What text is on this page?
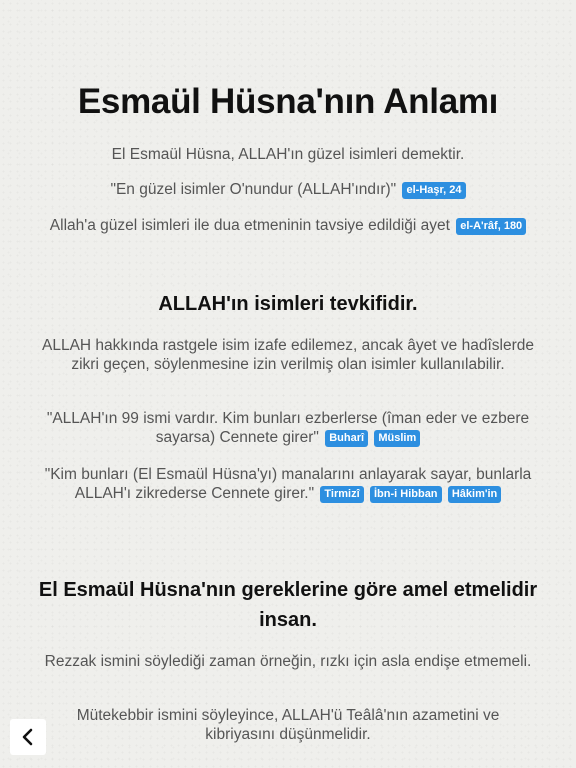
Esmaül Hüsna'nın Anlamı
El Esmaül Hüsna, ALLAH'ın güzel isimleri demektir.
"En güzel isimler O'nundur (ALLAH'ındır)" el-Haşr, 24
Allah'a güzel isimleri ile dua etmeninin tavsiye edildiği ayet el-A'râf, 180
ALLAH'ın isimleri tevkifidir.
ALLAH hakkında rastgele isim izafe edilemez, ancak âyet ve hadîslerde zikri geçen, söylenmesine izin verilmiş olan isimler kullanılabilir.
"ALLAH'ın 99 ismi vardır. Kim bunları ezberlerse (îman eder ve ezbere sayarsa) Cennete girer" Buharî Müslim
"Kim bunları (El Esmaül Hüsna'yı) manalarını anlayarak sayar, bunlarla ALLAH'ı zikrederse Cennete girer." Tirmizî İbn-i Hibban Hâkim'in
El Esmaül Hüsna'nın gereklerine göre amel etmelidir insan.
Rezzak ismini söylediği zaman örneğin, rızkı için asla endişe etmemeli.
Mütekebbir ismini söyleyince, ALLAH'ü Teâlâ'nın azametini ve kibriyasını düşünmelidir.
